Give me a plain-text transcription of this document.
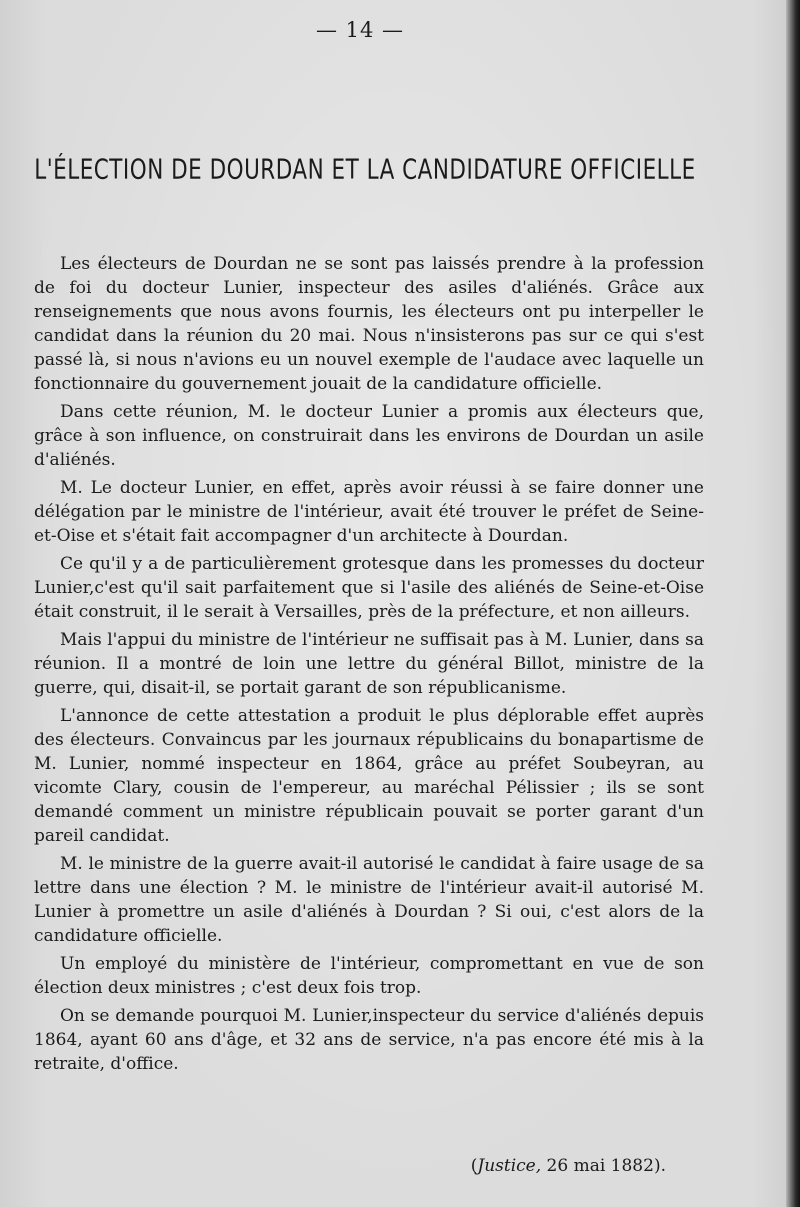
— 14 —
L'ÉLECTION DE DOURDAN ET LA CANDIDATURE OFFICIELLE

Les électeurs de Dourdan ne se sont pas laissés prendre à la profession de foi du docteur Lunier, inspecteur des asiles d'aliénés. Grâce aux renseignements que nous avons fournis, les électeurs ont pu interpeller le candidat dans la réunion du 20 mai. Nous n'insisterons pas sur ce qui s'est passé là, si nous n'avions eu un nouvel exemple de l'audace avec laquelle un fonctionnaire du gouvernement jouait de la candidature officielle.

Dans cette réunion, M. le docteur Lunier a promis aux électeurs que, grâce à son influence, on construirait dans les environs de Dourdan un asile d'aliénés.

M. Le docteur Lunier, en effet, après avoir réussi à se faire donner une délégation par le ministre de l'intérieur, avait été trouver le préfet de Seine-et-Oise et s'était fait accompagner d'un architecte à Dourdan.

Ce qu'il y a de particulièrement grotesque dans les promesses du docteur Lunier,c'est qu'il sait parfaitement que si l'asile des aliénés de Seine-et-Oise était construit, il le serait à Versailles, près de la préfecture, et non ailleurs.

Mais l'appui du ministre de l'intérieur ne suffisait pas à M. Lunier, dans sa réunion. Il a montré de loin une lettre du général Billot, ministre de la guerre, qui, disait-il, se portait garant de son républicanisme.

L'annonce de cette attestation a produit le plus déplorable effet auprès des électeurs. Convaincus par les journaux républicains du bonapartisme de M. Lunier, nommé inspecteur en 1864, grâce au préfet Soubeyran, au vicomte Clary, cousin de l'empereur, au maréchal Pélissier ; ils se sont demandé comment un ministre républicain pouvait se porter garant d'un pareil candidat.

M. le ministre de la guerre avait-il autorisé le candidat à faire usage de sa lettre dans une élection ? M. le ministre de l'intérieur avait-il autorisé M. Lunier à promettre un asile d'aliénés à Dourdan ? Si oui, c'est alors de la candidature officielle.

Un employé du ministère de l'intérieur, compromettant en vue de son élection deux ministres ; c'est deux fois trop.

On se demande pourquoi M. Lunier,inspecteur du service d'aliénés depuis 1864, ayant 60 ans d'âge, et 32 ans de service, n'a pas encore été mis à la retraite, d'office.

(Justice, 26 mai 1882).
